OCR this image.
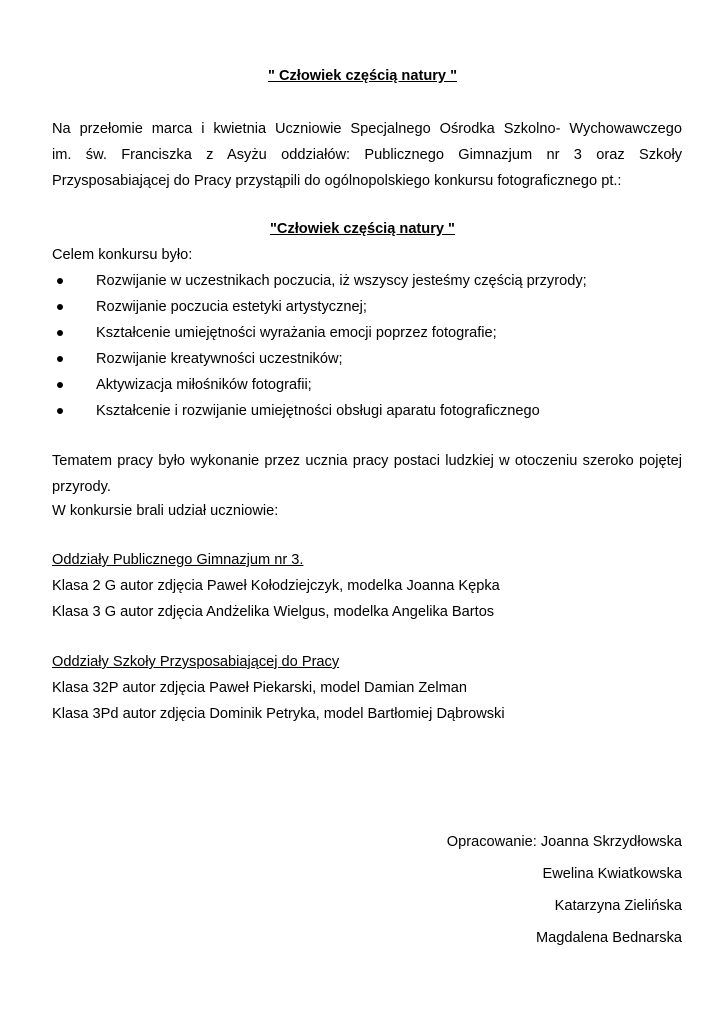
" Człowiek częścią natury "
Na przełomie marca i kwietnia Uczniowie Specjalnego Ośrodka Szkolno- Wychowawczego
im. św. Franciszka z Asyżu oddziałów: Publicznego Gimnazjum nr 3 oraz Szkoły
Przysposabiającej do Pracy przystąpili do ogólnopolskiego konkursu fotograficznego pt.:
"Człowiek częścią natury "
Celem konkursu było:
Rozwijanie w uczestnikach poczucia, iż wszyscy jesteśmy częścią przyrody;
Rozwijanie poczucia estetyki artystycznej;
Kształcenie umiejętności wyrażania emocji poprzez fotografie;
Rozwijanie kreatywności uczestników;
Aktywizacja miłośników fotografii;
Kształcenie i rozwijanie umiejętności obsługi aparatu fotograficznego
Tematem pracy było wykonanie przez ucznia pracy postaci ludzkiej w otoczeniu szeroko pojętej
przyrody.
W konkursie brali udział uczniowie:
Oddziały Publicznego Gimnazjum nr 3.
Klasa 2 G autor zdjęcia Paweł Kołodziejczyk, modelka Joanna Kępka
Klasa 3 G autor zdjęcia Andżelika Wielgus, modelka Angelika Bartos
Oddziały Szkoły Przysposabiającej do Pracy
Klasa 32P autor zdjęcia Paweł Piekarski, model Damian Zelman
Klasa 3Pd autor zdjęcia Dominik Petryka, model Bartłomiej Dąbrowski
Opracowanie: Joanna Skrzydłowska
Ewelina Kwiatkowska
Katarzyna Zielińska
Magdalena Bednarska
